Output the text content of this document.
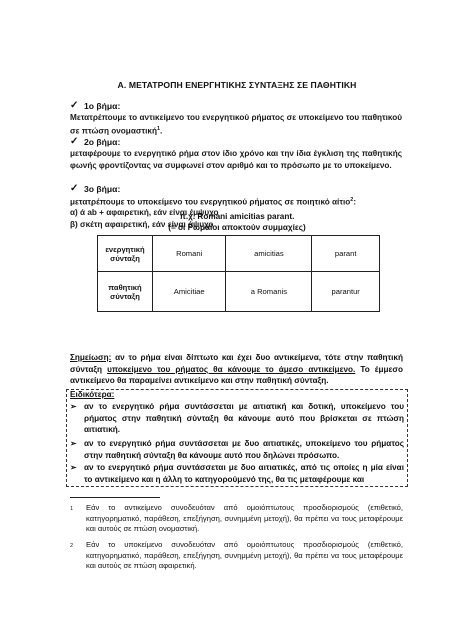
Α. ΜΕΤΑΤΡΟΠΗ ΕΝΕΡΓΗΤΙΚΗΣ ΣΥΝΤΑΞΗΣ ΣΕ ΠΑΘΗΤΙΚΗ
✓ 1ο βήμα:
Μετατρέπουμε το αντικείμενο του ενεργητικού ρήματος σε υποκείμενο του παθητικού σε πτώση ονομαστική$^1$.
✓ 2ο βήμα:
μεταφέρουμε το ενεργητικό ρήμα στον ίδιο χρόνο και την ίδια έγκλιση της παθητικής φωνής φροντίζοντας να συμφωνεί στον αριθμό και το πρόσωπο με το υποκείμενο.
✓ 3ο βήμα:
μετατρέπουμε το υποκείμενο του ενεργητικού ρήματος σε ποιητικό αίτιο$^2$:
α) ά ab + αφαιρετική, εάν είναι έμψυχο
β) σκέτη αφαιρετική, εάν είναι άψυχο
π.χ. Romani amicitias parant.
(= οι Ρωμαίοι αποκτούν συμμαχίες)
ενεργητική σύνταξη	Romani	amicitias	parant
παθητική σύνταξη	Amicitiae	a Romanis	parantur
Σημείωση: αν το ρήμα είναι δίπτωτο και έχει δυο αντικείμενα, τότε στην παθητική σύνταξη υποκείμενο του ρήματος θα κάνουμε το άμεσο αντικείμενο. Το έμμεσο αντικείμενο θα παραμείνει αντικείμενο και στην παθητική σύνταξη.
Ειδικότερα:
➢ αν το ενεργητικό ρήμα συντάσσεται με αιτιατική και δοτική, υποκείμενο του ρήματος στην παθητική σύνταξη θα κάνουμε αυτό που βρίσκεται σε πτώση αιτιατική.
➢ αν το ενεργητικό ρήμα συντάσσεται με δυο αιτιατικές, υποκείμενο του ρήματος στην παθητική σύνταξη θα κάνουμε αυτό που δηλώνει πρόσωπο.
➢ αν το ενεργητικό ρήμα συντάσσεται με δυο αιτιατικές, από τις οποίες η μία είναι το αντικείμενο και η άλλη το κατηγορούμενό της, θα τις μεταφέρουμε και
1	Εάν το αντικείμενο συνοδευόταν από ομοιόπτωτους προσδιορισμούς (επιθετικό, κατηγορηματικό, παράθεση, επεξήγηση, συνημμένη μετοχή), θα πρέπει να τους μεταφέρουμε και αυτούς σε πτώση ονομαστική.
2	Εάν το υποκείμενο συνοδευόταν από ομοιόπτωτους προσδιορισμούς (επιθετικό, κατηγορηματικό, παράθεση, επεξήγηση, συνημμένη μετοχή), θα πρέπει να τους μεταφέρουμε και αυτούς σε πτώση αφαιρετική.
